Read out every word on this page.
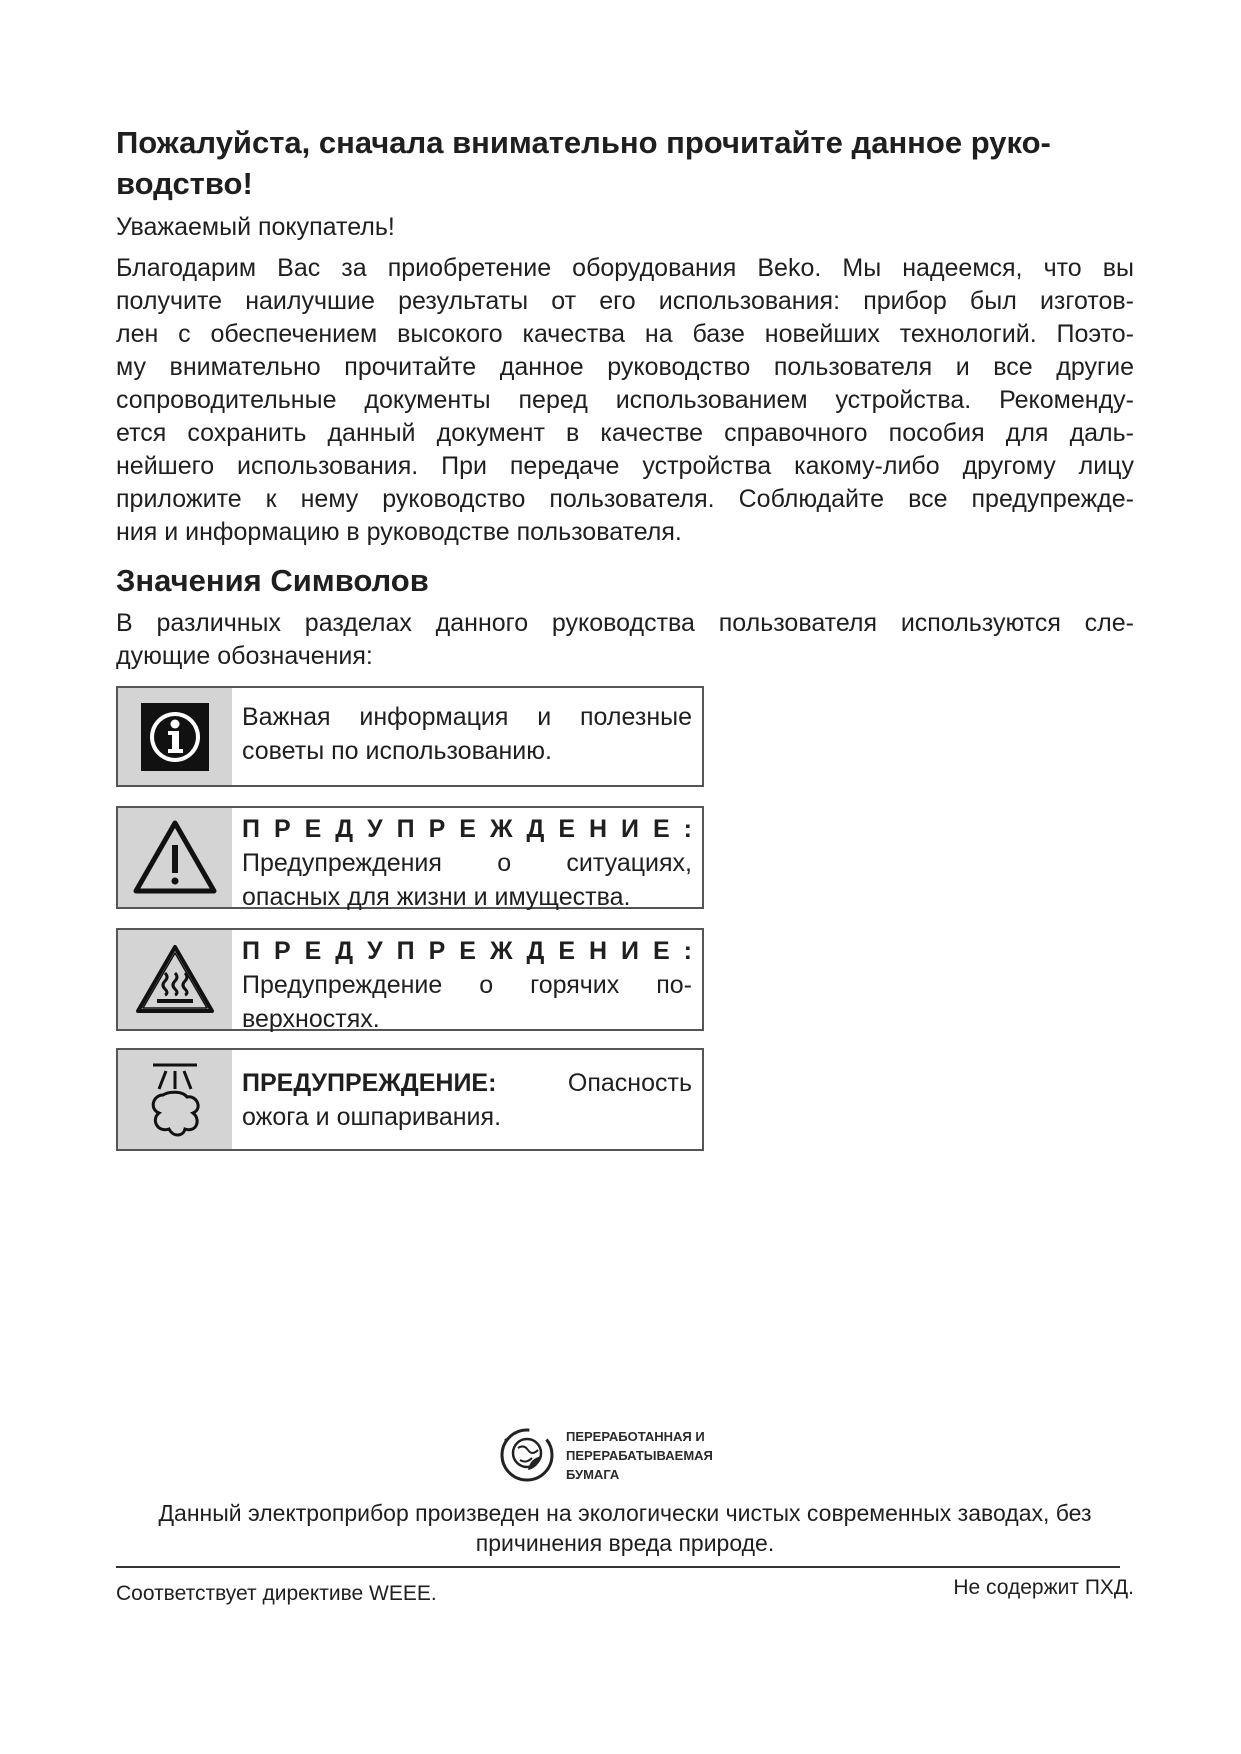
Пожалуйста, сначала внимательно прочитайте данное руко-
водство!

Уважаемый покупатель!

Благодарим Вас за приобретение оборудования Beko. Мы надеемся, что вы
получите наилучшие результаты от его использования: прибор был изготов-
лен с обеспечением высокого качества на базе новейших технологий. Поэто-
му внимательно прочитайте данное руководство пользователя и все другие
сопроводительные документы перед использованием устройства. Рекоменду-
ется сохранить данный документ в качестве справочного пособия для даль-
нейшего использования. При передаче устройства какому-либо другому лицу
приложите к нему руководство пользователя. Соблюдайте все предупрежде-
ния и информацию в руководстве пользователя.

Значения Символов

В различных разделах данного руководства пользователя используются сле-
дующие обозначения:

Важная информация и полезные
советы по использованию.
П Р Е Д У П Р Е Ж Д Е Н И Е :
Предупреждения о ситуациях,
опасных для жизни и имущества.
П Р Е Д У П Р Е Ж Д Е Н И Е :
Предупреждение о горячих по-
верхностях.
ПРЕДУПРЕЖДЕНИЕ: Опасность
ожога и ошпаривания.
ПЕРЕРАБОТАННАЯ И
ПЕРЕРАБАТЫВАЕМАЯ
БУМАГА

Данный электроприбор произведен на экологически чистых современных заводах, без
причинения вреда природе.

Соответствует директиве WEEE.	Не содержит ПХД.
